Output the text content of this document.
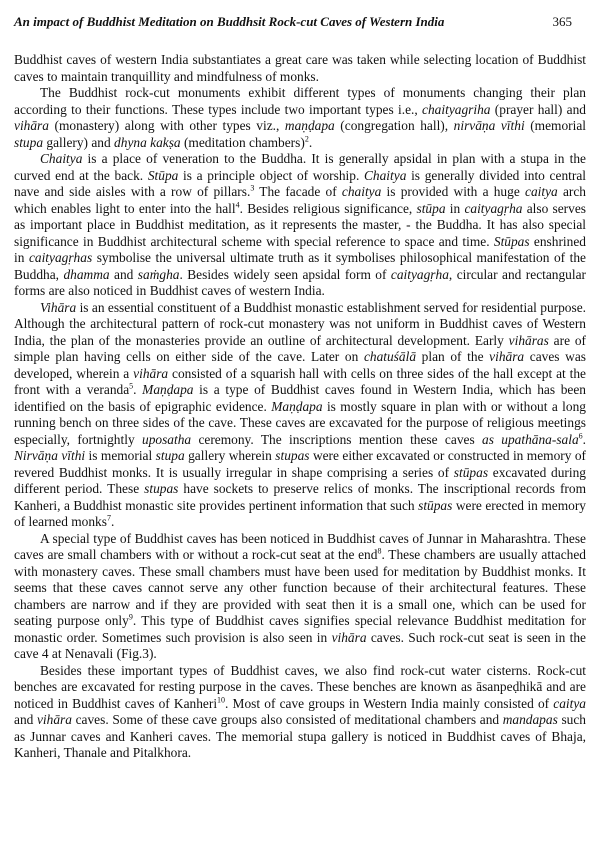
An impact of Buddhist Meditation on Buddhsit Rock-cut Caves of Western India	365

Buddhist caves of western India substantiates a great care was taken while selecting location of Buddhist caves to maintain tranquillity and mindfulness of monks.

The Buddhist rock-cut monuments exhibit different types of monuments changing their plan according to their functions. These types include two important types i.e., chaityagriha (prayer hall) and vihāra (monastery) along with other types viz., maṇḍapa (congregation hall), nirvāṇa vīthi (memorial stupa gallery) and dhyna kakṣa (meditation chambers)$^2$.

Chaitya is a place of veneration to the Buddha. It is generally apsidal in plan with a stupa in the curved end at the back. Stūpa is a principle object of worship. Chaitya is generally divided into central nave and side aisles with a row of pillars.$^3$ The facade of chaitya is provided with a huge caitya arch which enables light to enter into the hall$^4$. Besides religious significance, stūpa in caityagṛha also serves as important place in Buddhist meditation, as it represents the master, - the Buddha. It has also special significance in Buddhist architectural scheme with special reference to space and time. Stūpas enshrined in caityagṛhas symbolise the universal ultimate truth as it symbolises philosophical manifestation of the Buddha, dhamma and saṁgha. Besides widely seen apsidal form of caityagṛha, circular and rectangular forms are also noticed in Buddhist caves of western India.

Vihāra is an essential constituent of a Buddhist monastic establishment served for residential purpose. Although the architectural pattern of rock-cut monastery was not uniform in Buddhist caves of Western India, the plan of the monasteries provide an outline of architectural development. Early vihāras are of simple plan having cells on either side of the cave. Later on chatuśālā plan of the vihāra caves was developed, wherein a vihāra consisted of a squarish hall with cells on three sides of the hall except at the front with a veranda$^5$. Maṇḍapa is a type of Buddhist caves found in Western India, which has been identified on the basis of epigraphic evidence. Maṇḍapa is mostly square in plan with or without a long running bench on three sides of the cave. These caves are excavated for the purpose of religious meetings especially, fortnightly uposatha ceremony. The inscriptions mention these caves as upathāna-sala$^6$. Nirvāṇa vīthi is memorial stupa gallery wherein stupas were either excavated or constructed in memory of revered Buddhist monks. It is usually irregular in shape comprising a series of stūpas excavated during different period. These stupas have sockets to preserve relics of monks. The inscriptional records from Kanheri, a Buddhist monastic site provides pertinent information that such stūpas were erected in memory of learned monks$^7$.

A special type of Buddhist caves has been noticed in Buddhist caves of Junnar in Maharashtra. These caves are small chambers with or without a rock-cut seat at the end$^8$. These chambers are usually attached with monastery caves. These small chambers must have been used for meditation by Buddhist monks. It seems that these caves cannot serve any other function because of their architectural features. These chambers are narrow and if they are provided with seat then it is a small one, which can be used for seating purpose only$^9$. This type of Buddhist caves signifies special relevance Buddhist meditation for monastic order. Sometimes such provision is also seen in vihāra caves. Such rock-cut seat is seen in the cave 4 at Nenavali (Fig.3).

Besides these important types of Buddhist caves, we also find rock-cut water cisterns. Rock-cut benches are excavated for resting purpose in the caves. These benches are known as āsanpeḍhikā and are noticed in Buddhist caves of Kanheri$^{10}$. Most of cave groups in Western India mainly consisted of caitya and vihāra caves. Some of these cave groups also consisted of meditational chambers and mandapas such as Junnar caves and Kanheri caves. The memorial stupa gallery is noticed in Buddhist caves of Bhaja, Kanheri, Thanale and Pitalkhora.
